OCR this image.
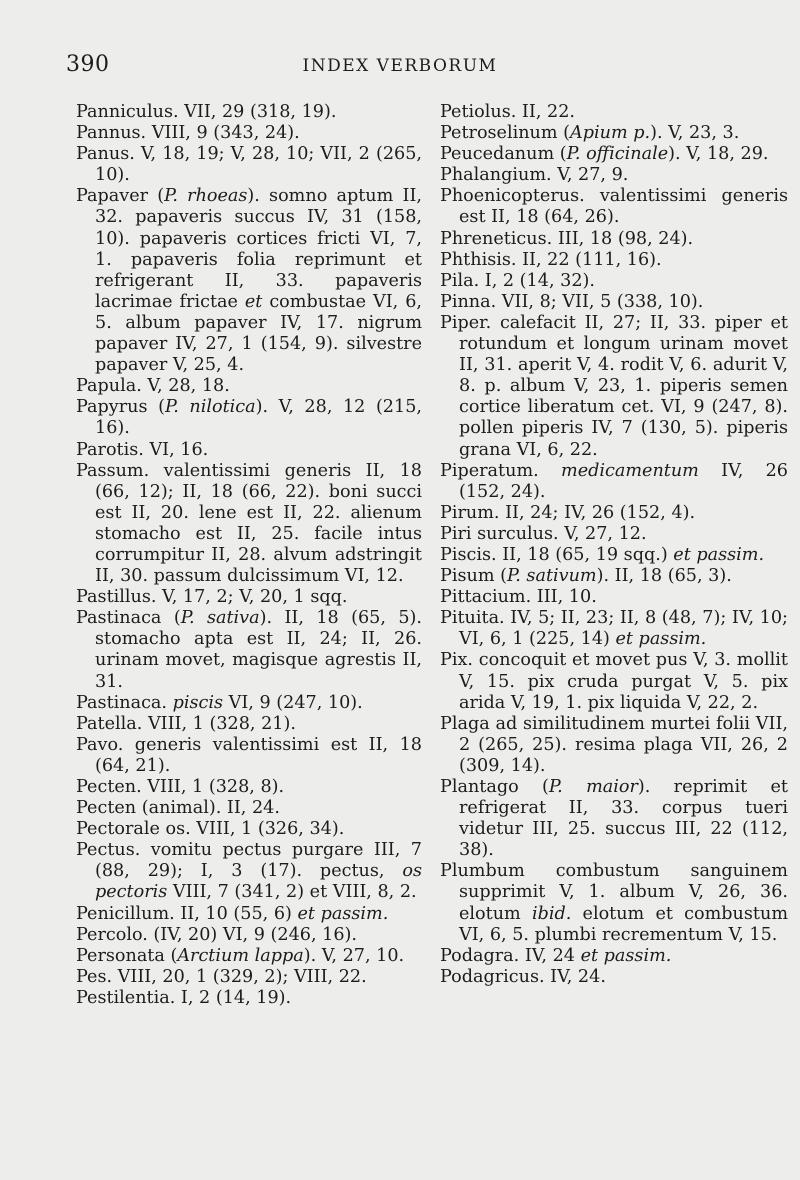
390	INDEX VERBORUM

Panniculus. VII, 29 (318, 19).

Pannus. VIII, 9 (343, 24).

Panus. V, 18, 19; V, 28, 10; VII, 2 (265, 10).

Papaver (P. rhoeas). somno aptum II, 32. papaveris succus IV, 31 (158, 10). papaveris cortices fricti VI, 7, 1. papaveris folia reprimunt et refrigerant II, 33. papaveris lacrimae frictae et combustae VI, 6, 5. album papaver IV, 17. nigrum papaver IV, 27, 1 (154, 9). silvestre papaver V, 25, 4.

Papula. V, 28, 18.

Papyrus (P. nilotica). V, 28, 12 (215, 16).

Parotis. VI, 16.

Passum. valentissimi generis II, 18 (66, 12); II, 18 (66, 22). boni succi est II, 20. lene est II, 22. alienum stomacho est II, 25. facile intus corrumpitur II, 28. alvum adstringit II, 30. passum dulcissimum VI, 12.

Pastillus. V, 17, 2; V, 20, 1 sqq.

Pastinaca (P. sativa). II, 18 (65, 5). stomacho apta est II, 24; II, 26. urinam movet, magisque agrestis II, 31.

Pastinaca. piscis VI, 9 (247, 10).

Patella. VIII, 1 (328, 21).

Pavo. generis valentissimi est II, 18 (64, 21).

Pecten. VIII, 1 (328, 8).

Pecten (animal). II, 24.

Pectorale os. VIII, 1 (326, 34).

Pectus. vomitu pectus purgare III, 7 (88, 29); I, 3 (17). pectus, os pectoris VIII, 7 (341, 2) et VIII, 8, 2.

Penicillum. II, 10 (55, 6) et passim.

Percolo. (IV, 20) VI, 9 (246, 16).

Personata (Arctium lappa). V, 27, 10.

Pes. VIII, 20, 1 (329, 2); VIII, 22.

Pestilentia. I, 2 (14, 19).

Petiolus. II, 22.

Petroselinum (Apium p.). V, 23, 3.

Peucedanum (P. officinale). V, 18, 29.

Phalangium. V, 27, 9.

Phoenicopterus. valentissimi generis est II, 18 (64, 26).

Phreneticus. III, 18 (98, 24).

Phthisis. II, 22 (111, 16).

Pila. I, 2 (14, 32).

Pinna. VII, 8; VII, 5 (338, 10).

Piper. calefacit II, 27; II, 33. piper et rotundum et longum urinam movet II, 31. aperit V, 4. rodit V, 6. adurit V, 8. p. album V, 23, 1. piperis semen cortice liberatum cet. VI, 9 (247, 8). pollen piperis IV, 7 (130, 5). piperis grana VI, 6, 22.

Piperatum. medicamentum IV, 26 (152, 24).

Pirum. II, 24; IV, 26 (152, 4).

Piri surculus. V, 27, 12.

Piscis. II, 18 (65, 19 sqq.) et passim.

Pisum (P. sativum). II, 18 (65, 3).

Pittacium. III, 10.

Pituita. IV, 5; II, 23; II, 8 (48, 7); IV, 10; VI, 6, 1 (225, 14) et passim.

Pix. concoquit et movet pus V, 3. mollit V, 15. pix cruda purgat V, 5. pix arida V, 19, 1. pix liquida V, 22, 2.

Plaga ad similitudinem murtei folii VII, 2 (265, 25). resima plaga VII, 26, 2 (309, 14).

Plantago (P. maior). reprimit et refrigerat II, 33. corpus tueri videtur III, 25. succus III, 22 (112, 38).

Plumbum combustum sanguinem supprimit V, 1. album V, 26, 36. elotum ibid. elotum et combustum VI, 6, 5. plumbi recrementum V, 15.

Podagra. IV, 24 et passim.

Podagricus. IV, 24.
